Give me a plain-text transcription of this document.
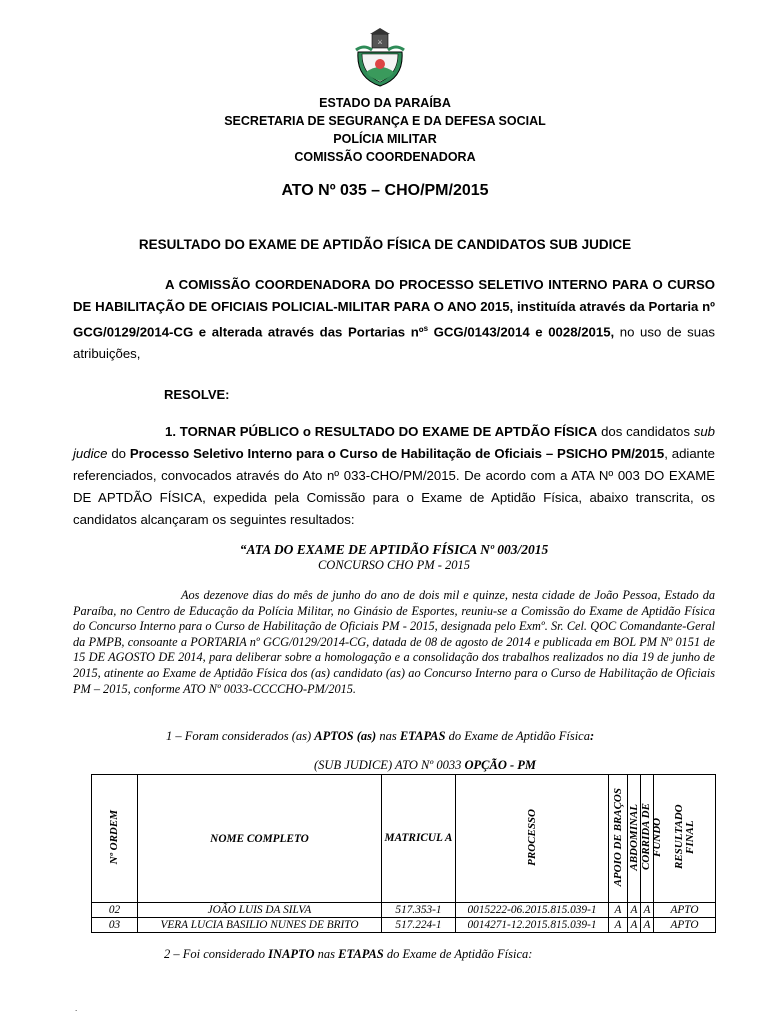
⚔
ESTADO DA PARAÍBA
SECRETARIA DE SEGURANÇA E DA DEFESA SOCIAL
POLÍCIA MILITAR
COMISSÃO COORDENADORA
ATO Nº 035 – CHO/PM/2015
RESULTADO DO EXAME DE APTIDÃO FÍSICA DE CANDIDATOS SUB JUDICE
A COMISSÃO COORDENADORA DO PROCESSO SELETIVO INTERNO PARA O CURSO DE HABILITAÇÃO DE OFICIAIS POLICIAL-MILITAR PARA O ANO 2015, instituída através da Portaria nº GCG/0129/2014-CG e alterada através das Portarias nº$^s$ GCG/0143/2014 e 0028/2015, no uso de suas atribuições,
RESOLVE:
1. TORNAR PÚBLICO o RESULTADO DO EXAME DE APTDÃO FÍSICA dos candidatos sub judice do Processo Seletivo Interno para o Curso de Habilitação de Oficiais – PSICHO PM/2015, adiante referenciados, convocados através do Ato nº 033-CHO/PM/2015. De acordo com a ATA Nº 003 DO EXAME DE APTDÃO FÍSICA, expedida pela Comissão para o Exame de Aptidão Física, abaixo transcrita, os candidatos alcançaram os seguintes resultados:
“ATA DO EXAME DE APTIDÃO FÍSICA Nº 003/2015
CONCURSO CHO PM - 2015
Aos dezenove dias do mês de junho do ano de dois mil e quinze, nesta cidade de João Pessoa, Estado da Paraíba, no Centro de Educação da Polícia Militar, no Ginásio de Esportes, reuniu-se a Comissão do Exame de Aptidão Física do Concurso Interno para o Curso de Habilitação de Oficiais PM - 2015, designada pelo Exmº. Sr. Cel. QOC Comandante-Geral da PMPB, consoante a PORTARIA nº GCG/0129/2014-CG, datada de 08 de agosto de 2014 e publicada em BOL PM Nº 0151 de 15 DE AGOSTO DE 2014, para deliberar sobre a homologação e a consolidação dos trabalhos realizados no dia 19 de junho de 2015, atinente ao Exame de Aptidão Física dos (as) candidato (as) ao Concurso Interno para o Curso de Habilitação de Oficiais PM – 2015, conforme ATO Nº 0033-CCCCHO-PM/2015.
1 – Foram considerados (as) APTOS (as) nas ETAPAS do Exame de Aptidão Física:
(SUB JUDICE) ATO Nº 0033 OPÇÃO - PM
Nº ORDEM	NOME COMPLETO	MATRICUL A	PROCESSO	APOIO DE BRAÇOS	ABDOMINAL	CORRIDA DE FUNDO	RESULTADO FINAL
02	JOÃO LUIS DA SILVA	517.353-1	0015222-06.2015.815.039-1	A	A	A	APTO
03	VERA LUCIA BASILIO NUNES DE BRITO	517.224-1	0014271-12.2015.815.039-1	A	A	A	APTO
2 – Foi considerado INAPTO nas ETAPAS do Exame de Aptidão Física:
.
